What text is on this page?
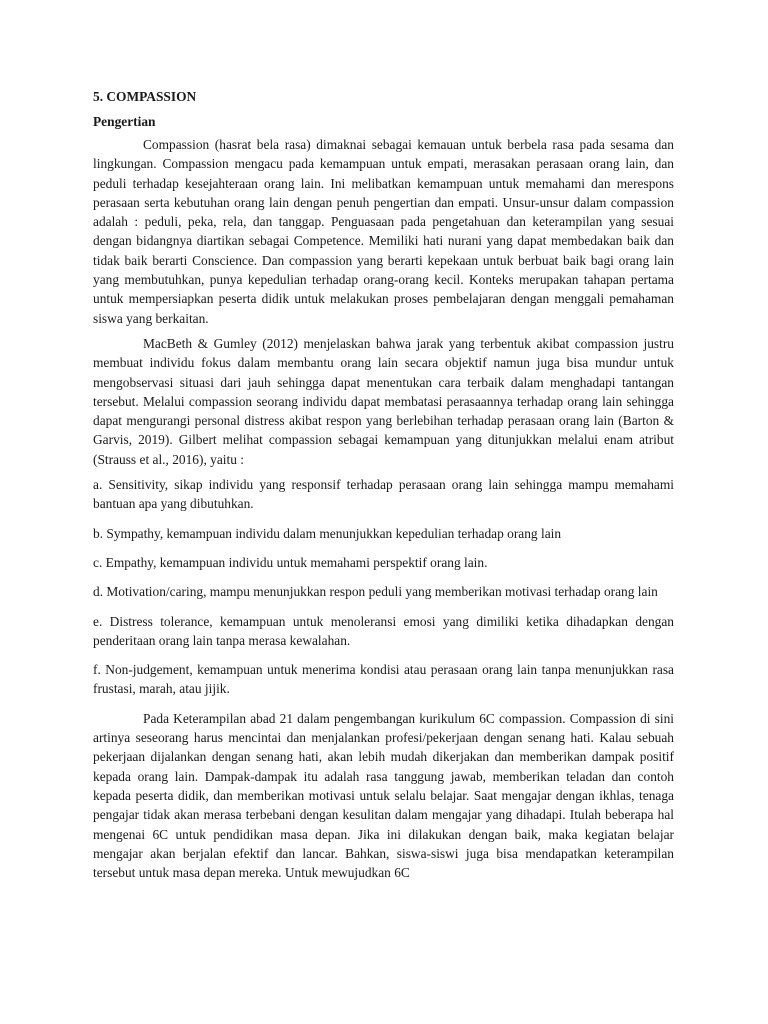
5. COMPASSION
Pengertian

Compassion (hasrat bela rasa) dimaknai sebagai kemauan untuk berbela rasa pada sesama dan lingkungan. Compassion mengacu pada kemampuan untuk empati, merasakan perasaan orang lain, dan peduli terhadap kesejahteraan orang lain. Ini melibatkan kemampuan untuk memahami dan merespons perasaan serta kebutuhan orang lain dengan penuh pengertian dan empati. Unsur-unsur dalam compassion adalah : peduli, peka, rela, dan tanggap. Penguasaan pada pengetahuan dan keterampilan yang sesuai dengan bidangnya diartikan sebagai Competence. Memiliki hati nurani yang dapat membedakan baik dan tidak baik berarti Conscience. Dan compassion yang berarti kepekaan untuk berbuat baik bagi orang lain yang membutuhkan, punya kepedulian terhadap orang-orang kecil. Konteks merupakan tahapan pertama untuk mempersiapkan peserta didik untuk melakukan proses pembelajaran dengan menggali pemahaman siswa yang berkaitan.

MacBeth & Gumley (2012) menjelaskan bahwa jarak yang terbentuk akibat compassion justru membuat individu fokus dalam membantu orang lain secara objektif namun juga bisa mundur untuk mengobservasi situasi dari jauh sehingga dapat menentukan cara terbaik dalam menghadapi tantangan tersebut. Melalui compassion seorang individu dapat membatasi perasaannya terhadap orang lain sehingga dapat mengurangi personal distress akibat respon yang berlebihan terhadap perasaan orang lain (Barton & Garvis, 2019). Gilbert melihat compassion sebagai kemampuan yang ditunjukkan melalui enam atribut (Strauss et al., 2016), yaitu :

a. Sensitivity, sikap individu yang responsif terhadap perasaan orang lain sehingga mampu memahami bantuan apa yang dibutuhkan.

b. Sympathy, kemampuan individu dalam menunjukkan kepedulian terhadap orang lain

c. Empathy, kemampuan individu untuk memahami perspektif orang lain.

d. Motivation/caring, mampu menunjukkan respon peduli yang memberikan motivasi terhadap orang lain

e. Distress tolerance, kemampuan untuk menoleransi emosi yang dimiliki ketika dihadapkan dengan penderitaan orang lain tanpa merasa kewalahan.

f. Non-judgement, kemampuan untuk menerima kondisi atau perasaan orang lain tanpa menunjukkan rasa frustasi, marah, atau jijik.

Pada Keterampilan abad 21 dalam pengembangan kurikulum 6C compassion. Compassion di sini artinya seseorang harus mencintai dan menjalankan profesi/pekerjaan dengan senang hati. Kalau sebuah pekerjaan dijalankan dengan senang hati, akan lebih mudah dikerjakan dan memberikan dampak positif kepada orang lain. Dampak-dampak itu adalah rasa tanggung jawab, memberikan teladan dan contoh kepada peserta didik, dan memberikan motivasi untuk selalu belajar. Saat mengajar dengan ikhlas, tenaga pengajar tidak akan merasa terbebani dengan kesulitan dalam mengajar yang dihadapi. Itulah beberapa hal mengenai 6C untuk pendidikan masa depan. Jika ini dilakukan dengan baik, maka kegiatan belajar mengajar akan berjalan efektif dan lancar. Bahkan, siswa-siswi juga bisa mendapatkan keterampilan tersebut untuk masa depan mereka. Untuk mewujudkan 6C
